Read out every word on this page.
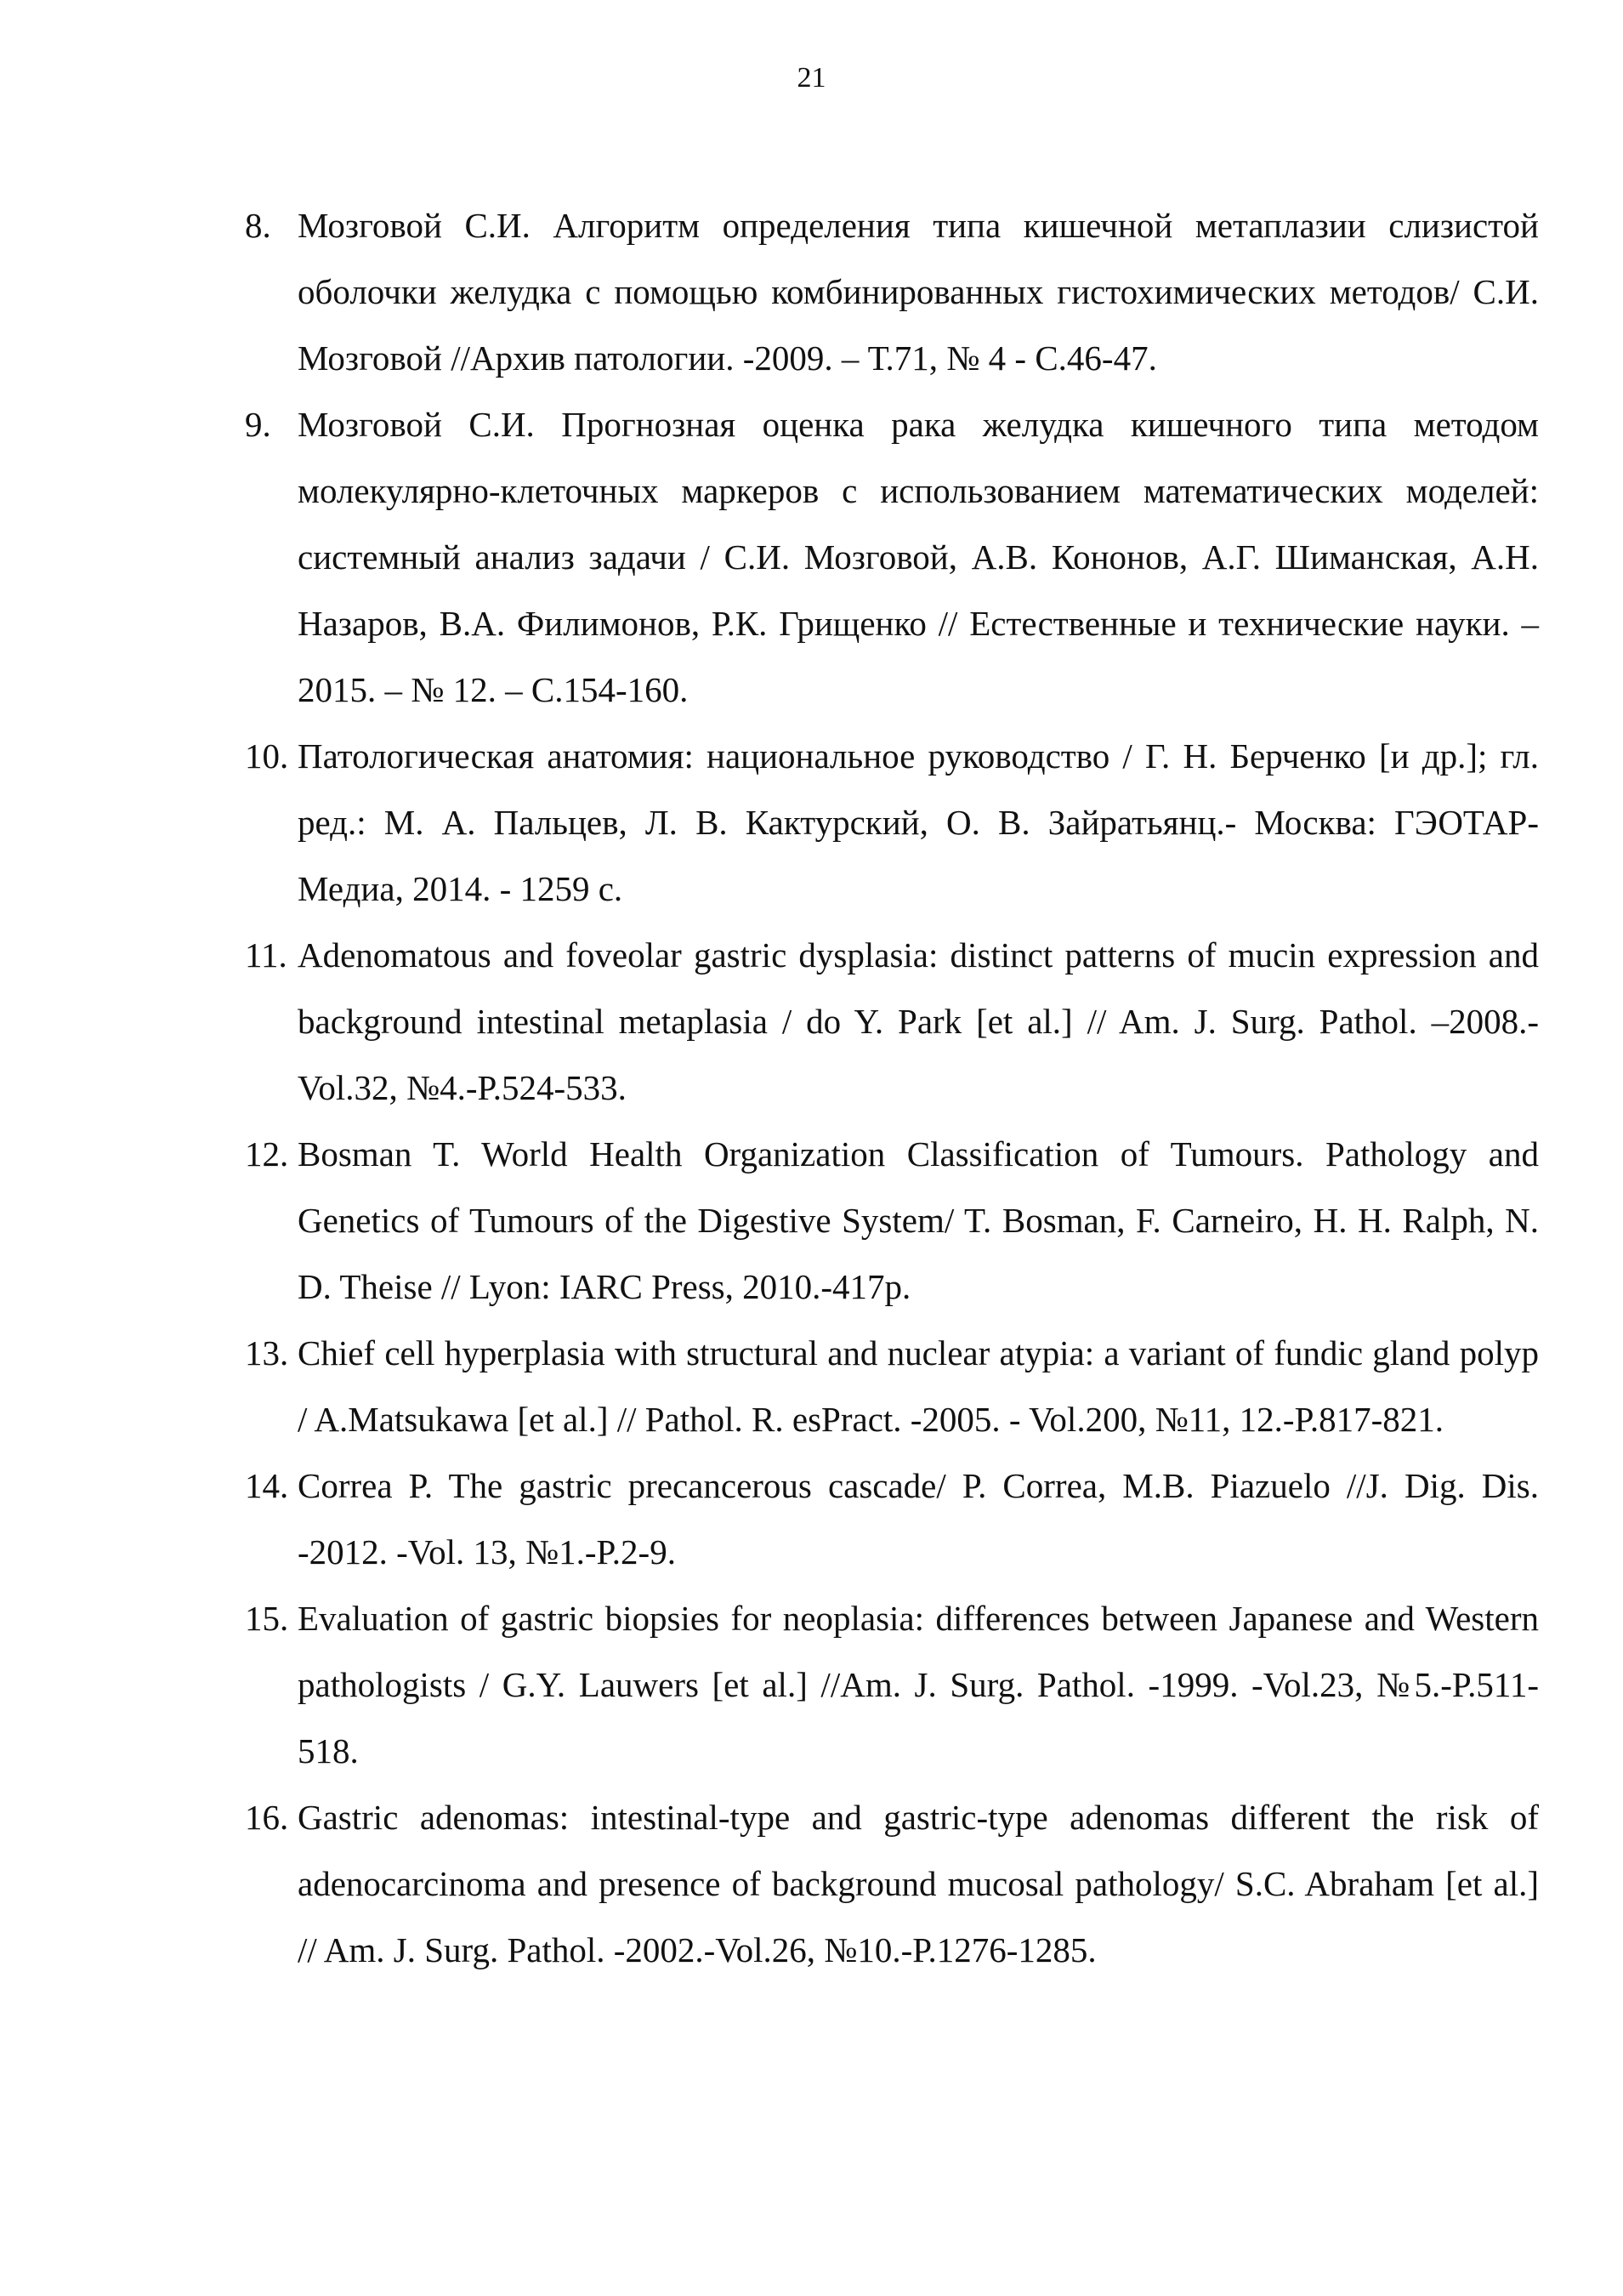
21
8. Мозговой С.И. Алгоритм определения типа кишечной метаплазии слизистой оболочки желудка с помощью комбинированных гистохимических методов/ С.И. Мозговой //Архив патологии. -2009. – Т.71, № 4 - С.46-47.
9. Мозговой С.И. Прогнозная оценка рака желудка кишечного типа методом молекулярно-клеточных маркеров с использованием математических моделей: системный анализ задачи / С.И. Мозговой, А.В. Кононов, А.Г. Шиманская, А.Н. Назаров, В.А. Филимонов, Р.К. Грищенко // Естественные и технические науки. – 2015. – № 12. – С.154-160.
10. Патологическая анатомия: национальное руководство / Г. Н. Берченко [и др.]; гл. ред.: М. А. Пальцев, Л. В. Кактурский, О. В. Зайратьянц.- Москва: ГЭОТАР-Медиа, 2014. - 1259 с.
11. Adenomatous and foveolar gastric dysplasia: distinct patterns of mucin expression and background intestinal metaplasia / do Y. Park [et al.] // Am. J. Surg. Pathol. –2008.-Vol.32, №4.-P.524-533.
12. Bosman T. World Health Organization Classification of Tumours. Pathology and Genetics of Tumours of the Digestive System/ T. Bosman, F. Carneiro, H. H. Ralph, N. D. Theise // Lyon: IARC Press, 2010.-417p.
13. Chief cell hyperplasia with structural and nuclear atypia: a variant of fundic gland polyp / A.Matsukawa [et al.] // Pathol. R. esPract. -2005. - Vol.200, №11, 12.-P.817-821.
14. Correa P. The gastric precancerous cascade/ P. Correa, M.B. Piazuelo //J. Dig. Dis. -2012. -Vol. 13, №1.-P.2-9.
15. Evaluation of gastric biopsies for neoplasia: differences between Japanese and Western pathologists / G.Y. Lauwers [et al.] //Am. J. Surg. Pathol. -1999. -Vol.23, №5.-P.511-518.
16. Gastric adenomas: intestinal-type and gastric-type adenomas different the risk of adenocarcinoma and presence of background mucosal pathology/ S.C. Abraham [et al.] // Am. J. Surg. Pathol. -2002.-Vol.26, №10.-P.1276-1285.
